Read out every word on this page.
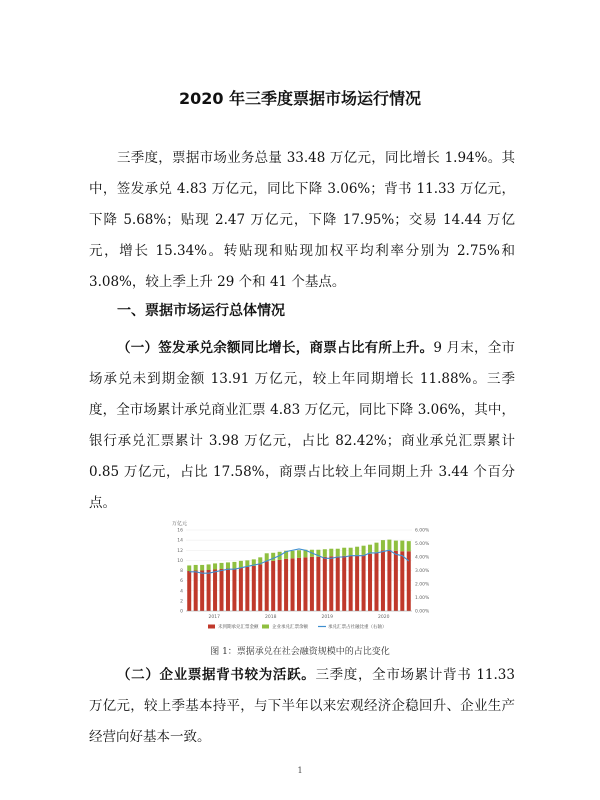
2020 年三季度票据市场运行情况

三季度，票据市场业务总量 33.48 万亿元，同比增长 1.94%。其中，签发承兑 4.83 万亿元，同比下降 3.06%；背书 11.33 万亿元，下降 5.68%；贴现 2.47 万亿元，下降 17.95%；交易 14.44 万亿元，增长 15.34%。转贴现和贴现加权平均利率分别为 2.75%和 3.08%，较上季上升 29 个和 41 个基点。

一、票据市场运行总体情况

（一）签发承兑余额同比增长，商票占比有所上升。9 月末，全市场承兑未到期金额 13.91 万亿元，较上年同期增长 11.88%。三季度，全市场累计承兑商业汇票 4.83 万亿元，同比下降 3.06%，其中，银行承兑汇票累计 3.98 万亿元，占比 82.42%；商业承兑汇票累计 0.85 万亿元，占比 17.58%，商票占比较上年同期上升 3.44 个百分点。

万亿元
0
2
4
6
8
10
12
14
16
0.00%
1.00%
2.00%
3.00%
4.00%
5.00%
6.00%
2017	2018	2019	2020
未到期承兑汇票金额	企业承兑汇票余额	承兑汇票占社融比重（右轴）
图 1：票据承兑在社会融资规模中的占比变化

（二）企业票据背书较为活跃。三季度，全市场累计背书 11.33 万亿元，较上季基本持平，与下半年以来宏观经济企稳回升、企业生产经营向好基本一致。

1
